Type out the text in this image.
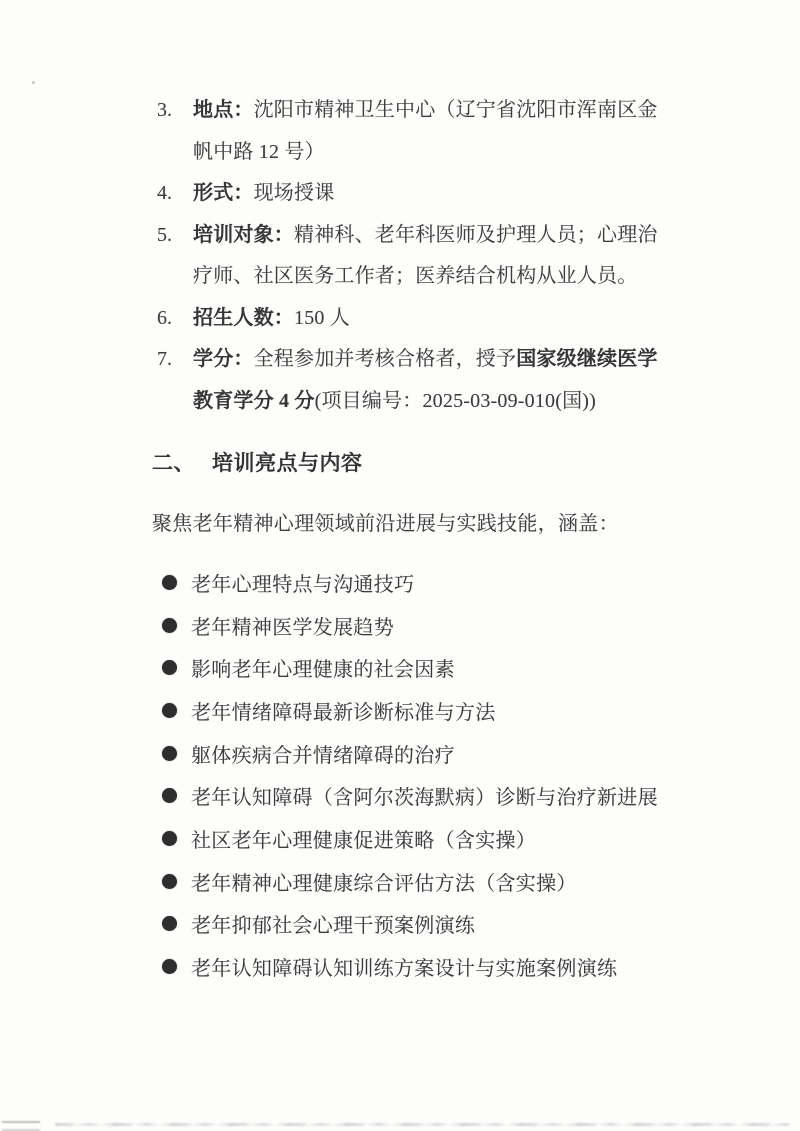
3.	地点：沈阳市精神卫生中心（辽宁省沈阳市浑南区金帆中路 12 号）
4.	形式：现场授课
5.	培训对象：精神科、老年科医师及护理人员；心理治疗师、社区医务工作者；医养结合机构从业人员。
6.	招生人数：150 人
7.	学分：全程参加并考核合格者，授予国家级继续医学教育学分 4 分(项目编号：2025-03-09-010(国))
二、 培训亮点与内容

聚焦老年精神心理领域前沿进展与实践技能，涵盖：

老年心理特点与沟通技巧
老年精神医学发展趋势
影响老年心理健康的社会因素
老年情绪障碍最新诊断标准与方法
躯体疾病合并情绪障碍的治疗
老年认知障碍（含阿尔茨海默病）诊断与治疗新进展
社区老年心理健康促进策略（含实操）
老年精神心理健康综合评估方法（含实操）
老年抑郁社会心理干预案例演练
老年认知障碍认知训练方案设计与实施案例演练
